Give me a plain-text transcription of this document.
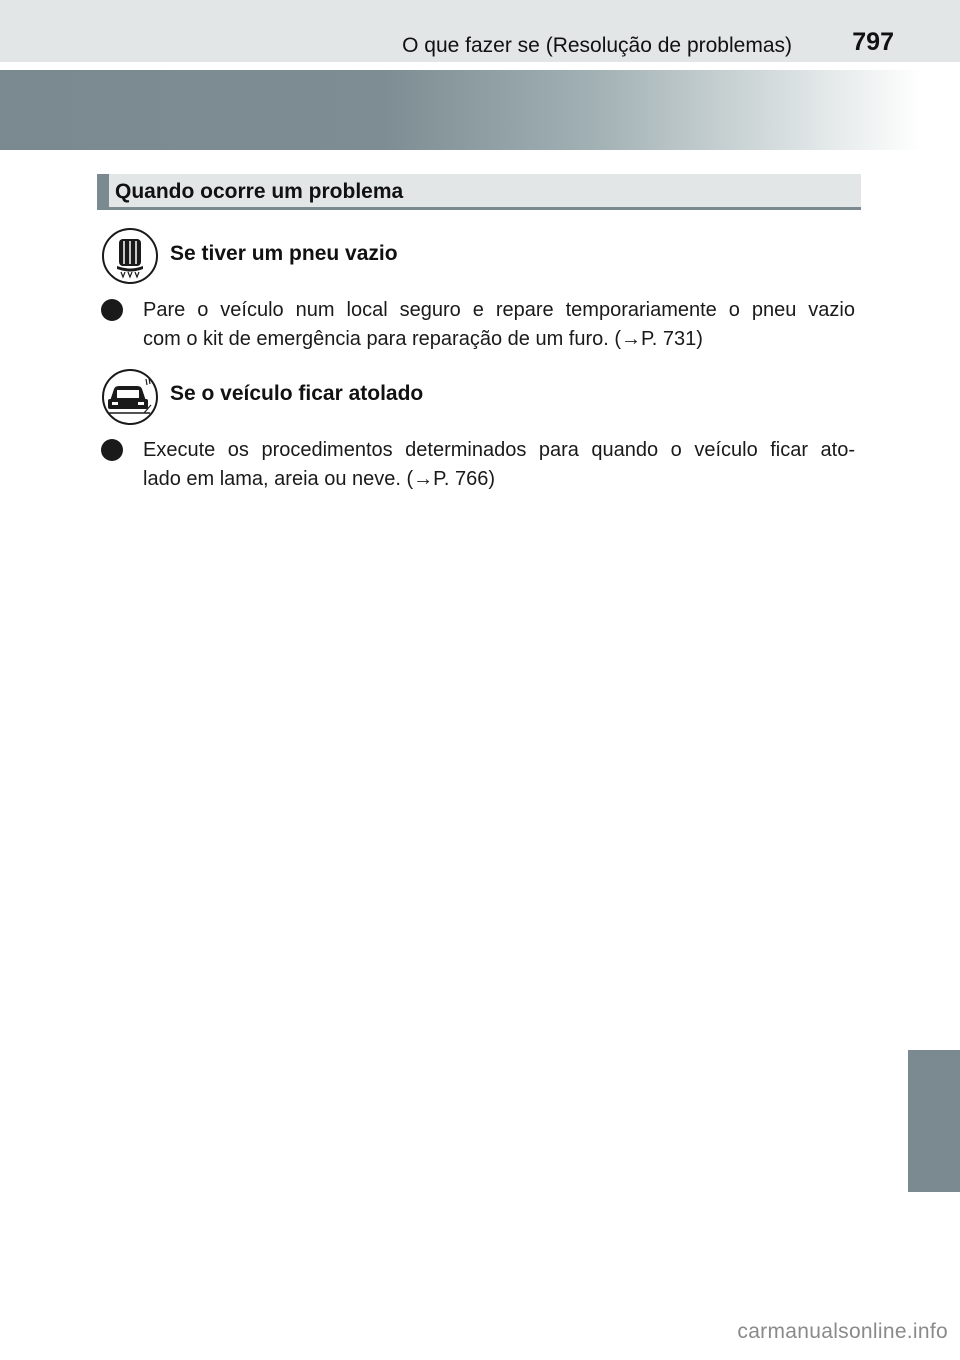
O que fazer se (Resolução de problemas) 797
Quando ocorre um problema
Se tiver um pneu vazio
Pare o veículo num local seguro e repare temporariamente o pneu vazio
com o kit de emergência para reparação de um furo. (→P. 731)
Se o veículo ficar atolado
Execute os procedimentos determinados para quando o veículo ficar ato-
lado em lama, areia ou neve. (→P. 766)
carmanualsonline.info
